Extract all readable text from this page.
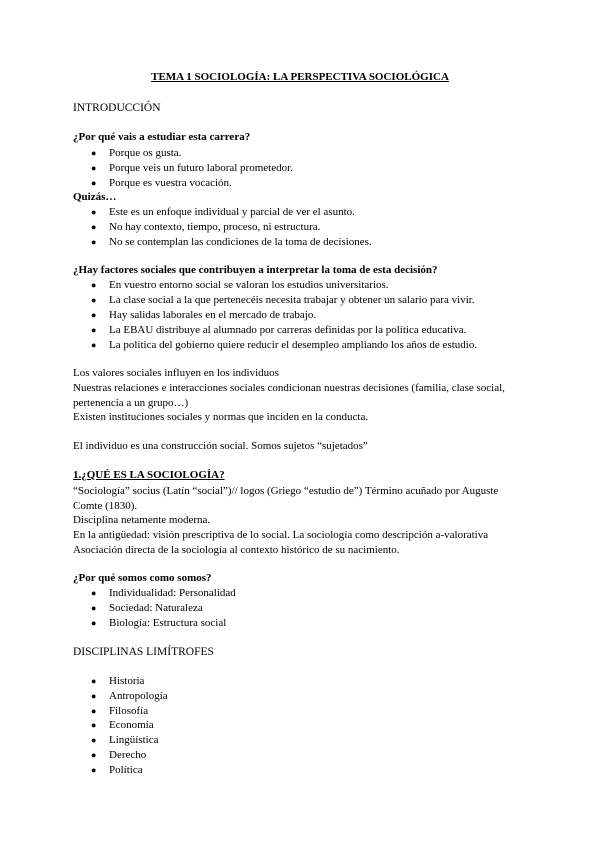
TEMA 1 SOCIOLOGÍA: LA PERSPECTIVA SOCIOLÓGICA
INTRODUCCIÓN
¿Por qué vais a estudiar esta carrera?
● Porque os gusta.
● Porque veis un futuro laboral prometedor.
● Porque es vuestra vocación.
Quizás…
● Este es un enfoque individual y parcial de ver el asunto.
● No hay contexto, tiempo, proceso, ni estructura.
● No se contemplan las condiciones de la toma de decisiones.
¿Hay factores sociales que contribuyen a interpretar la toma de esta decisión?
● En vuestro entorno social se valoran los estudios universitarios.
● La clase social a la que pertenecéis necesita trabajar y obtener un salario para vivir.
● Hay salidas laborales en el mercado de trabajo.
● La EBAU distribuye al alumnado por carreras definidas por la política educativa.
● La política del gobierno quiere reducir el desempleo ampliando los años de estudio.
Los valores sociales influyen en los individuos
Nuestras relaciones e interacciones sociales condicionan nuestras decisiones (familia, clase social,
pertenencia a un grupo…)
Existen instituciones sociales y normas que inciden en la conducta.
El individuo es una construcción social. Somos sujetos “sujetados”
1.¿QUÉ ES LA SOCIOLOGÍA?
“Sociología” socius (Latín “social”)// logos (Griego “estudio de”) Término acuñado por Auguste
Comte (1830).
Disciplina netamente moderna.
En la antigüedad: visión prescriptiva de lo social. La sociología como descripción a-valorativa
Asociación directa de la sociología al contexto histórico de su nacimiento.
¿Por qué somos como somos?
● Individualidad: Personalidad
● Sociedad: Naturaleza
● Biología: Estructura social
DISCIPLINAS LIMÍTROFES
● Historia
● Antropología
● Filosofía
● Economía
● Lingüística
● Derecho
● Política
